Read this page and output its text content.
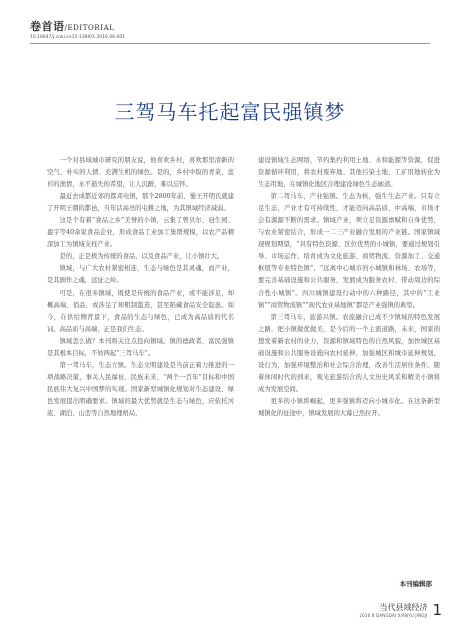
卷首语/EDITORIAL
10.16647/j.cnki.cn15-1369/X.2016.08.001
三驾马车托起富民强镇梦

一个对县域城市研究的朋友说，他喜欢乡村，喜欢那里清新的空气、朴实的人情、充满生机的绿色。是的，乡村中取的青菜、蓝衫的渔情，永不逝失的希望，让人沉醉，难以忘怀。

最近去成都近郊的都邓电镇，那个2800年前、蜀王开明氏就建了开明王朝的都邑，当年话高亮的屯耕之地，为其镇域经济减弱。

这是个有着“食品之乡”美誉的小镇，云集了曾贝尔、冠生园、盈宇等40余家食品企业，形成食品工业加工集群规模，以农产品精深加工为镇域支柱产业。

是的，正是极为传统的食品，以及食品产业，让小镇壮大。

镇域，与广大农村紧密相连，生态与绿色是其灵魂，而产业，是其剧作之魂，远征之岭。

可是，在很多镇域，既使是传统的食品产业，或不能涉足，却概高端、俏品，或涉足了却粗制滥造，甚至陷藏食品安全隐患。如今，在供给侧背景下，食品的生态与绿色，已成为高品质的代名词。高品质与高端，正是我们生态。

镇域怎么做？本刊将关注点投向镇域。镇的德政者，富民强镇是其根本目标，不妨两起“三驾马车”。

第一驾马车，生态立镇。生态文明建设是当前正着力推进的一项战略决策，事关人民福祉、民族未来、“两个一百年”目标和中国民族伟大复兴中国梦的实现。国家新型城镇化规划对生态建设、绿色发展提出明确要求。镇域的最大优势就是生态与绿色，应依托河流、湖泊、山峦等自然地理格局，

建设镇域生态网络，节约集约利用土地、水和能源等资源，促进资源循环利用，将农村废弃地、其他污染土地、工矿用地转化为生态用地，在城镇化地区合理建设绿色生态廊道。

第二驾马车，产业强镇。生态为核，强生生态产业。只有立足生态，产业才有可持续性，才能迈向高品质、中高端，市场才会有源源不断的需求。镇域产业，须立足资源禀赋和自身优势，与农业紧密结合，形成一二三产业融合发展的产业链。国家镇域现规划期望，“具有特色资源、区位优势的小城镇，要通过规划引导、市场运作，培育成为文化旅游、商贸物流、资源加工、交通枢纽等专业特色镇”，“远离中心城市的小城镇和林场、农场等，要完善基础设施和公共服务，发展成为服务农村、带动周边的综合性小城镇”。四川城镇建设行动中的六种路径，其中的“工业镇”“商贸物流镇”“现代农业基地镇”都是产业强镇的典型。

第三驾马车，旅游兴镇。农旅融合已成不少镇域的特色发展之路，把小镇做优做美，是今后的一个主流道路，未来，国家的想发着新农村的业力，资源和镇域特色的自然风貌，加快城区基础设施和公共服务设施向农村延伸，加强城区和城市延伸规划，设行为，加强环境整治和社会综合治理，改善生活居住条件。随着休闲时代的到来，观光旅游结合的人文历史风采和精美小镇将成为发展空间。

更多的小镇将崛起，更多强镇将迈向小城市化。在这条新型城镇化的征途中，镇域发展的大幕已然拉开。

本刊编辑部
当代县域经济
2016.8 DANGDAI XIANYU JINGJI 1
